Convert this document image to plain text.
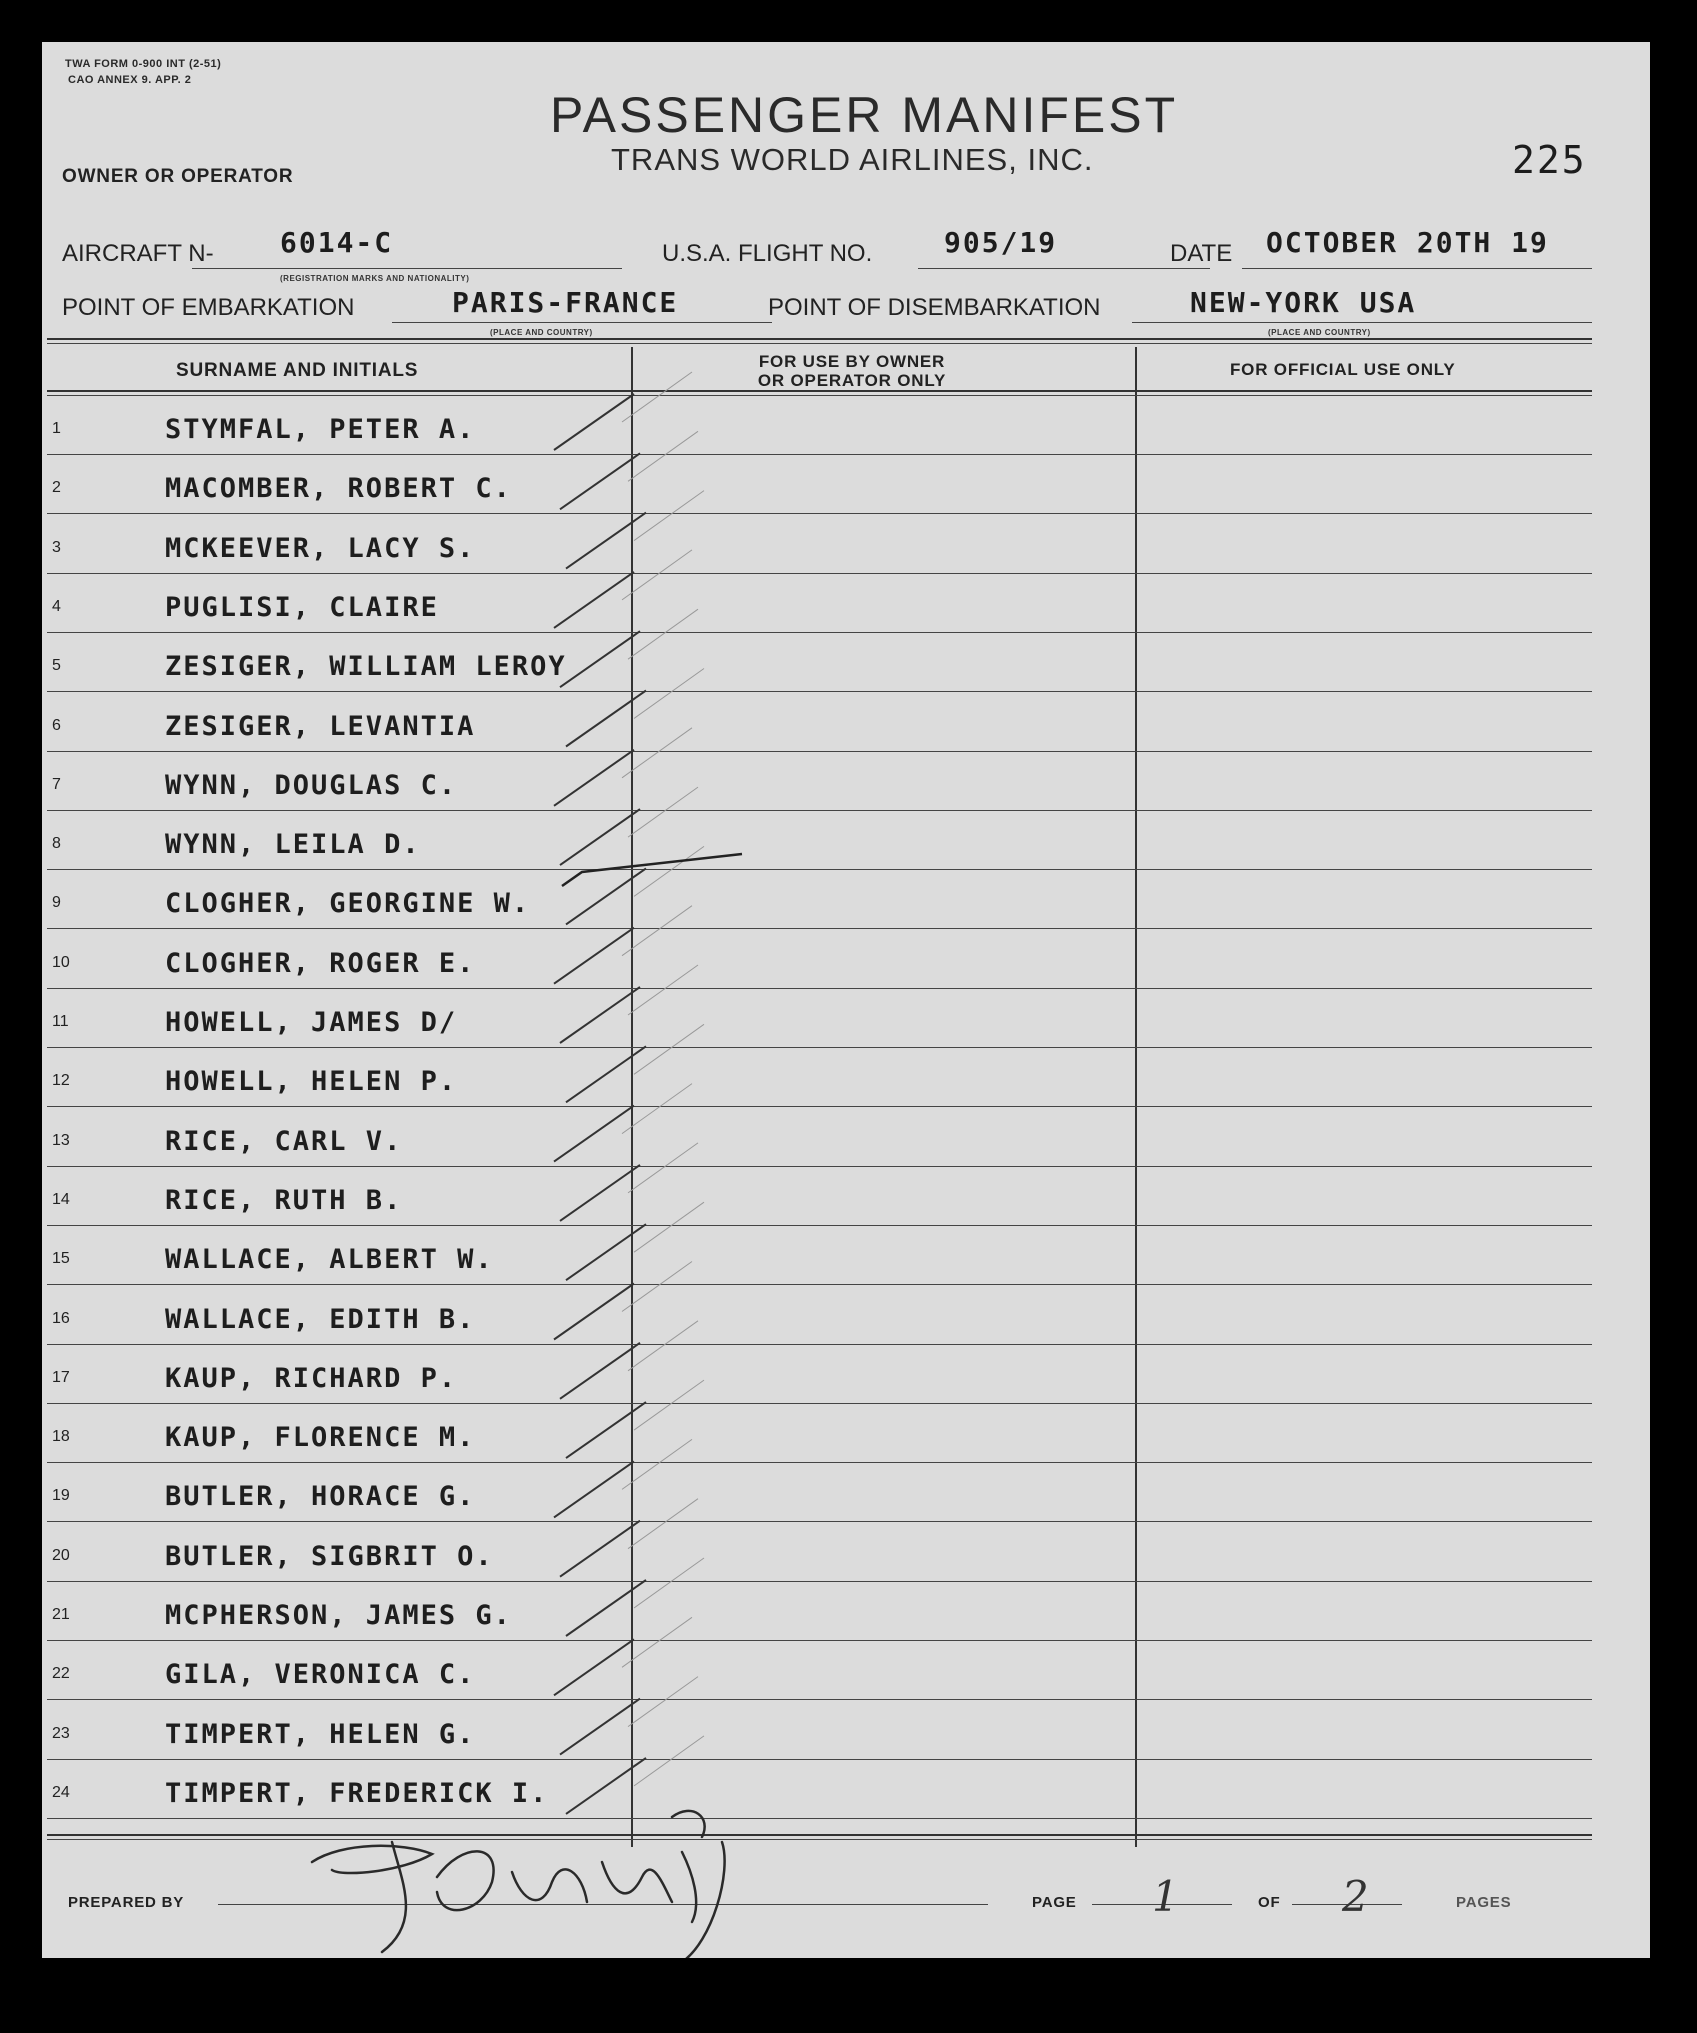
TWA FORM 0-900 INT (2-51)
CAO ANNEX 9. APP. 2
OWNER OR OPERATOR
PASSENGER MANIFEST
TRANS WORLD AIRLINES, INC.	225
AIRCRAFT N- 6014-C
(REGISTRATION MARKS AND NATIONALITY)
U.S.A. FLIGHT NO.	905/19	DATE OCTOBER 20TH 19
POINT OF EMBARKATION	PARIS-FRANCE
(PLACE AND COUNTRY)
POINT OF DISEMBARKATION	NEW-YORK USA
(PLACE AND COUNTRY)
SURNAME AND INITIALS	FOR USE BY OWNER
OR OPERATOR ONLY
FOR OFFICIAL USE ONLY
1	STYMFAL, PETER A.
2	MACOMBER, ROBERT C.
3	MCKEEVER, LACY S.
4	PUGLISI, CLAIRE
5	ZESIGER, WILLIAM LEROY
6	ZESIGER, LEVANTIA
7	WYNN, DOUGLAS C.
8	WYNN, LEILA D.
9	CLOGHER, GEORGINE W.
10	CLOGHER, ROGER E.
11	HOWELL, JAMES D/
12	HOWELL, HELEN P.
13	RICE, CARL V.
14	RICE, RUTH B.
15	WALLACE, ALBERT W.
16	WALLACE, EDITH B.
17	KAUP, RICHARD P.
18	KAUP, FLORENCE M.
19	BUTLER, HORACE G.
20	BUTLER, SIGBRIT O.
21	MCPHERSON, JAMES G.
22	GILA, VERONICA C.
23	TIMPERT, HELEN G.
24	TIMPERT, FREDERICK I.
PREPARED BY	PAGE 1	OF 2	PAGES
